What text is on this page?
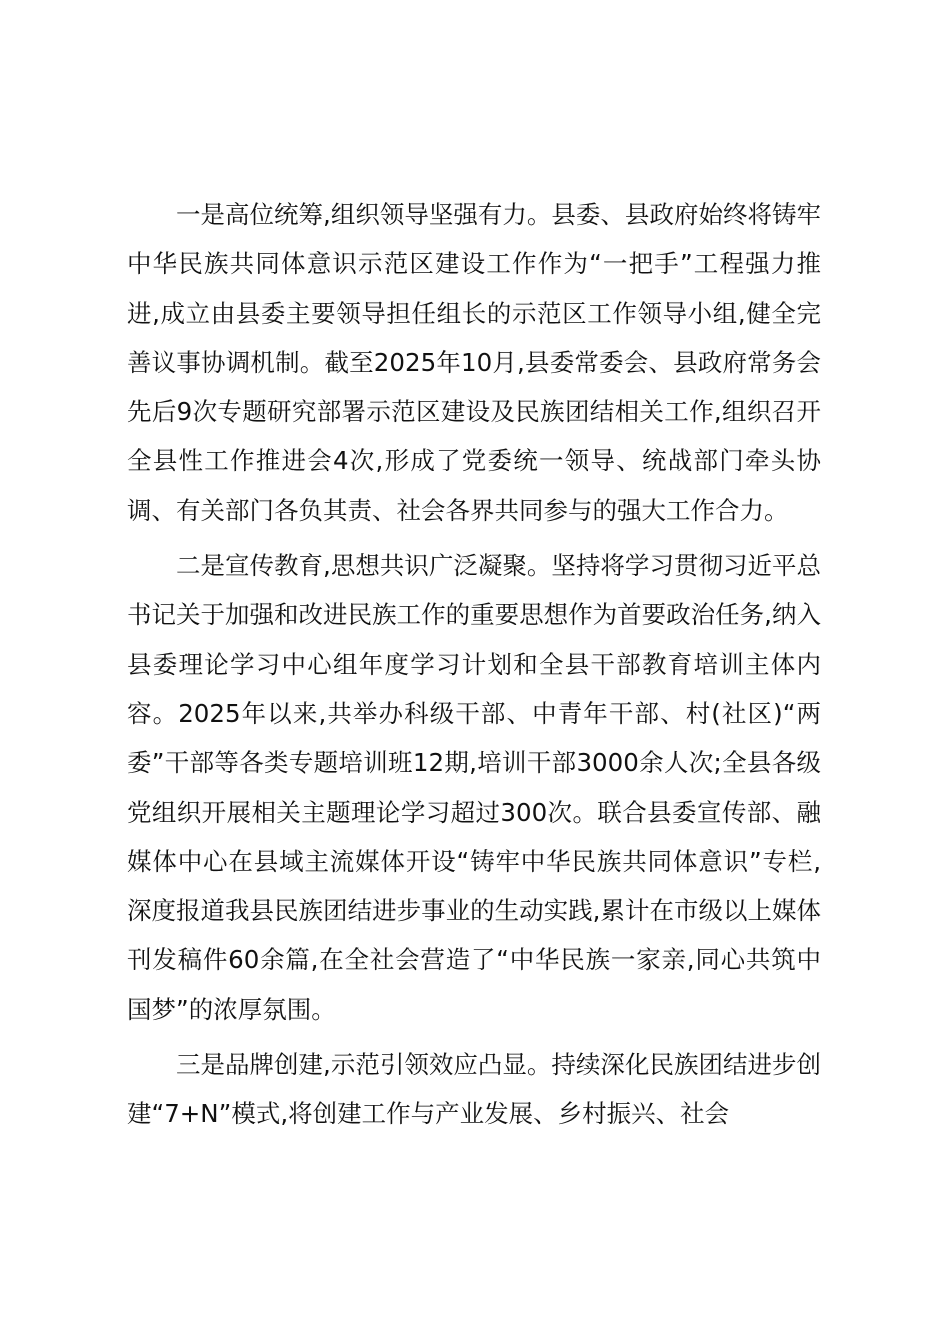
一是高位统筹,组织领导坚强有力。县委、县政府始终将铸牢中华民族共同体意识示范区建设工作作为“一把手”工程强力推进,成立由县委主要领导担任组长的示范区工作领导小组,健全完善议事协调机制。截至2025年10月,县委常委会、县政府常务会先后9次专题研究部署示范区建设及民族团结相关工作,组织召开全县性工作推进会4次,形成了党委统一领导、统战部门牵头协调、有关部门各负其责、社会各界共同参与的强大工作合力。

二是宣传教育,思想共识广泛凝聚。坚持将学习贯彻习近平总书记关于加强和改进民族工作的重要思想作为首要政治任务,纳入县委理论学习中心组年度学习计划和全县干部教育培训主体内容。2025年以来,共举办科级干部、中青年干部、村(社区)“两委”干部等各类专题培训班12期,培训干部3000余人次;全县各级党组织开展相关主题理论学习超过300次。联合县委宣传部、融媒体中心在县域主流媒体开设“铸牢中华民族共同体意识”专栏,深度报道我县民族团结进步事业的生动实践,累计在市级以上媒体刊发稿件60余篇,在全社会营造了“中华民族一家亲,同心共筑中国梦”的浓厚氛围。

三是品牌创建,示范引领效应凸显。持续深化民族团结进步创建“7+N”模式,将创建工作与产业发展、乡村振兴、社会
